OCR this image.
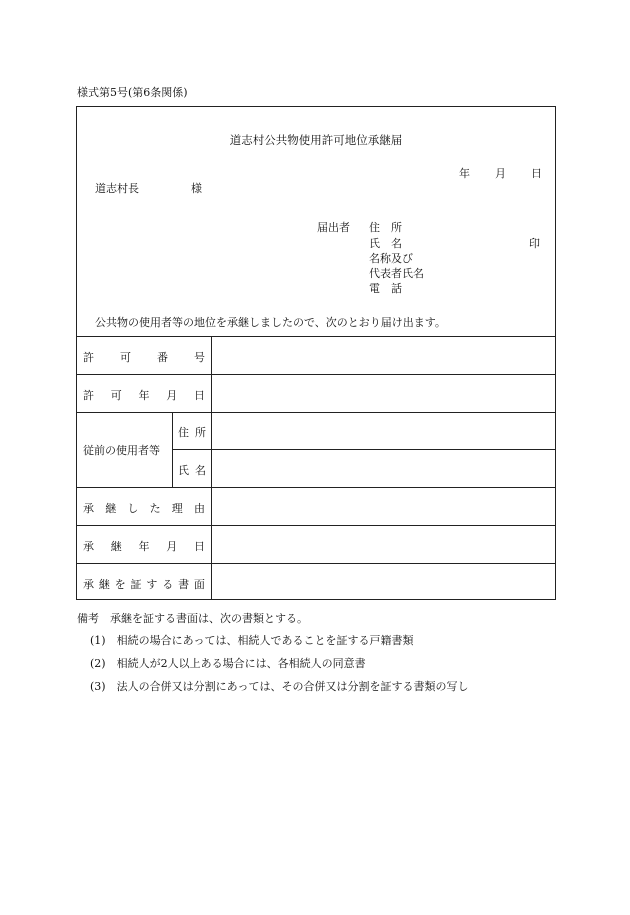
様式第5号(第6条関係)
道志村公共物使用許可地位承継届
年 月 日
道志村長	様
届出者 住　所
氏　名	印
名称及び
代表者氏名
電　話
公共物の使用者等の地位を承継しましたので、次のとおり届け出ます。
許 可 番 号
許 可 年 月 日
従前の使用者等
住 所
氏 名
承 継 し た 理 由
承 継 年 月 日
承 継 を 証 す る 書 面
備考　承継を証する書面は、次の書類とする。
(1)　相続の場合にあっては、相続人であることを証する戸籍書類
(2)　相続人が2人以上ある場合には、各相続人の同意書
(3)　法人の合併又は分割にあっては、その合併又は分割を証する書類の写し
